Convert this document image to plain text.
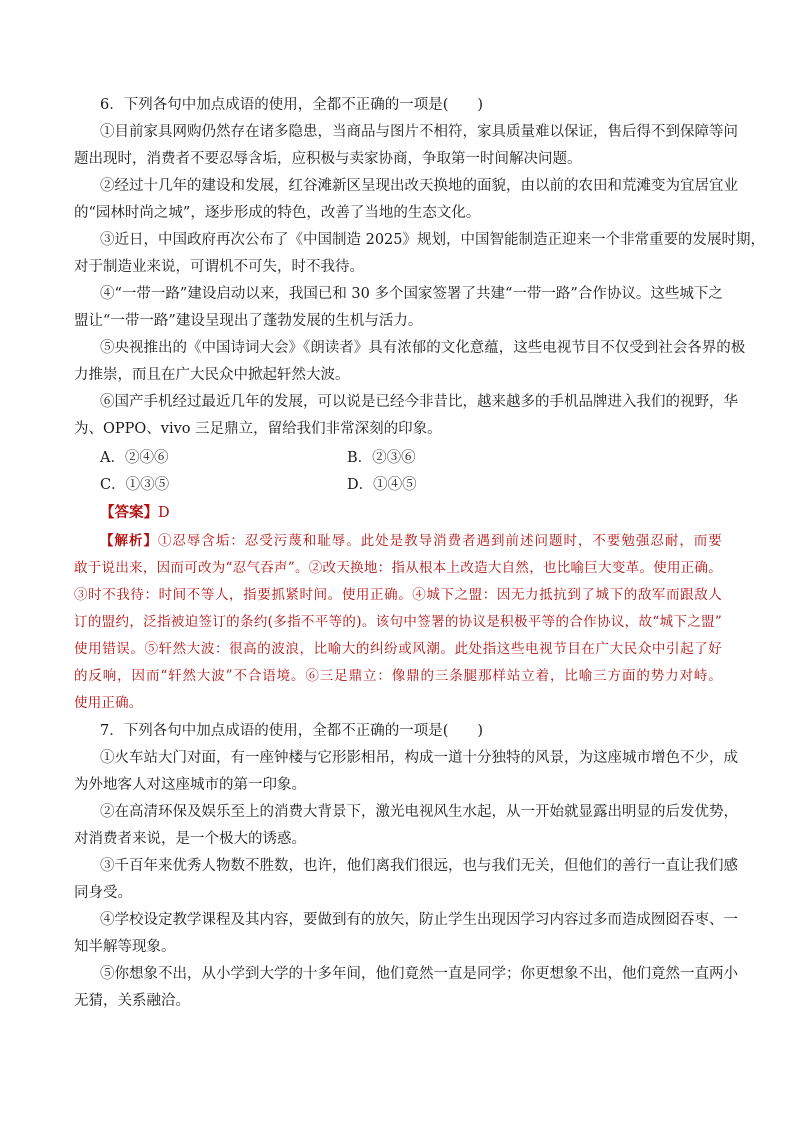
6．下列各句中加点成语的使用，全都不正确的一项是(　　)
①目前家具网购仍然存在诸多隐患，当商品与图片不相符，家具质量难以保证，售后得不到保障等问
题出现时，消费者不要忍辱含垢，应积极与卖家协商，争取第一时间解决问题。
②经过十几年的建设和发展，红谷滩新区呈现出改天换地的面貌，由以前的农田和荒滩变为宜居宜业
的“园林时尚之城”，逐步形成的特色，改善了当地的生态文化。
③近日，中国政府再次公布了《中国制造 2025》规划，中国智能制造正迎来一个非常重要的发展时期，
对于制造业来说，可谓机不可失，时不我待。
④“一带一路”建设启动以来，我国已和 30 多个国家签署了共建“一带一路”合作协议。这些城下之
盟让“一带一路”建设呈现出了蓬勃发展的生机与活力。
⑤央视推出的《中国诗词大会》《朗读者》具有浓郁的文化意蕴，这些电视节目不仅受到社会各界的极
力推崇，而且在广大民众中掀起轩然大波。
⑥国产手机经过最近几年的发展，可以说是已经今非昔比，越来越多的手机品牌进入我们的视野，华
为、OPPO、vivo 三足鼎立，留给我们非常深刻的印象。
A．②④⑥	B．②③⑥
C．①③⑤	D．①④⑤
【答案】D
【解析】①忍辱含垢：忍受污蔑和耻辱。此处是教导消费者遇到前述问题时，不要勉强忍耐，而要
敢于说出来，因而可改为“忍气吞声”。②改天换地：指从根本上改造大自然，也比喻巨大变革。使用正确。
③时不我待：时间不等人，指要抓紧时间。使用正确。④城下之盟：因无力抵抗到了城下的敌军而跟敌人
订的盟约，泛指被迫签订的条约(多指不平等的)。该句中签署的协议是积极平等的合作协议，故“城下之盟”
使用错误。⑤轩然大波：很高的波浪，比喻大的纠纷或风潮。此处指这些电视节目在广大民众中引起了好
的反响，因而“轩然大波”不合语境。⑥三足鼎立：像鼎的三条腿那样站立着，比喻三方面的势力对峙。
使用正确。
7．下列各句中加点成语的使用，全都不正确的一项是(　　)
①火车站大门对面，有一座钟楼与它形影相吊，构成一道十分独特的风景，为这座城市增色不少，成
为外地客人对这座城市的第一印象。
②在高清环保及娱乐至上的消费大背景下，激光电视风生水起，从一开始就显露出明显的后发优势，
对消费者来说，是一个极大的诱惑。
③千百年来优秀人物数不胜数，也许，他们离我们很远，也与我们无关，但他们的善行一直让我们感
同身受。
④学校设定教学课程及其内容，要做到有的放矢，防止学生出现因学习内容过多而造成囫囵吞枣、一
知半解等现象。
⑤你想象不出，从小学到大学的十多年间，他们竟然一直是同学；你更想象不出，他们竟然一直两小
无猜，关系融洽。
